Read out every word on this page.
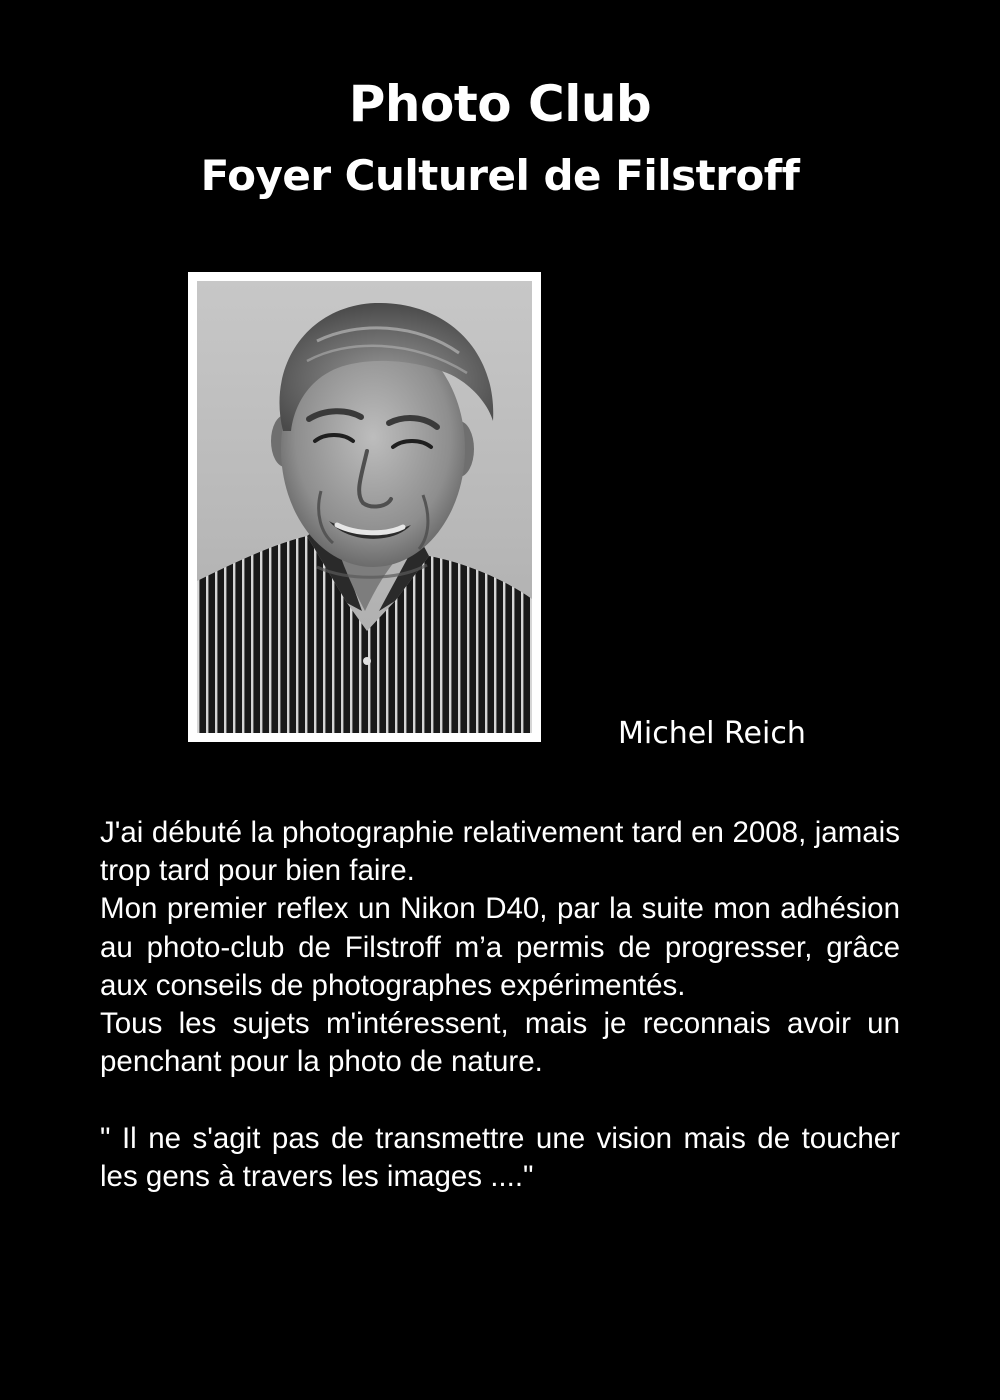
Photo Club
Foyer Culturel de Filstroff

Michel Reich

J'ai débuté la photographie relativement tard en 2008, jamais trop tard pour bien faire.

Mon premier reflex un Nikon D40, par la suite mon adhésion au photo-club de Filstroff m’a permis de progresser, grâce aux conseils de photographes expérimentés.

Tous les sujets m'intéressent, mais je reconnais avoir un penchant pour la photo de nature.

" Il ne s'agit pas de transmettre une vision mais de toucher les gens à travers les images ...."
